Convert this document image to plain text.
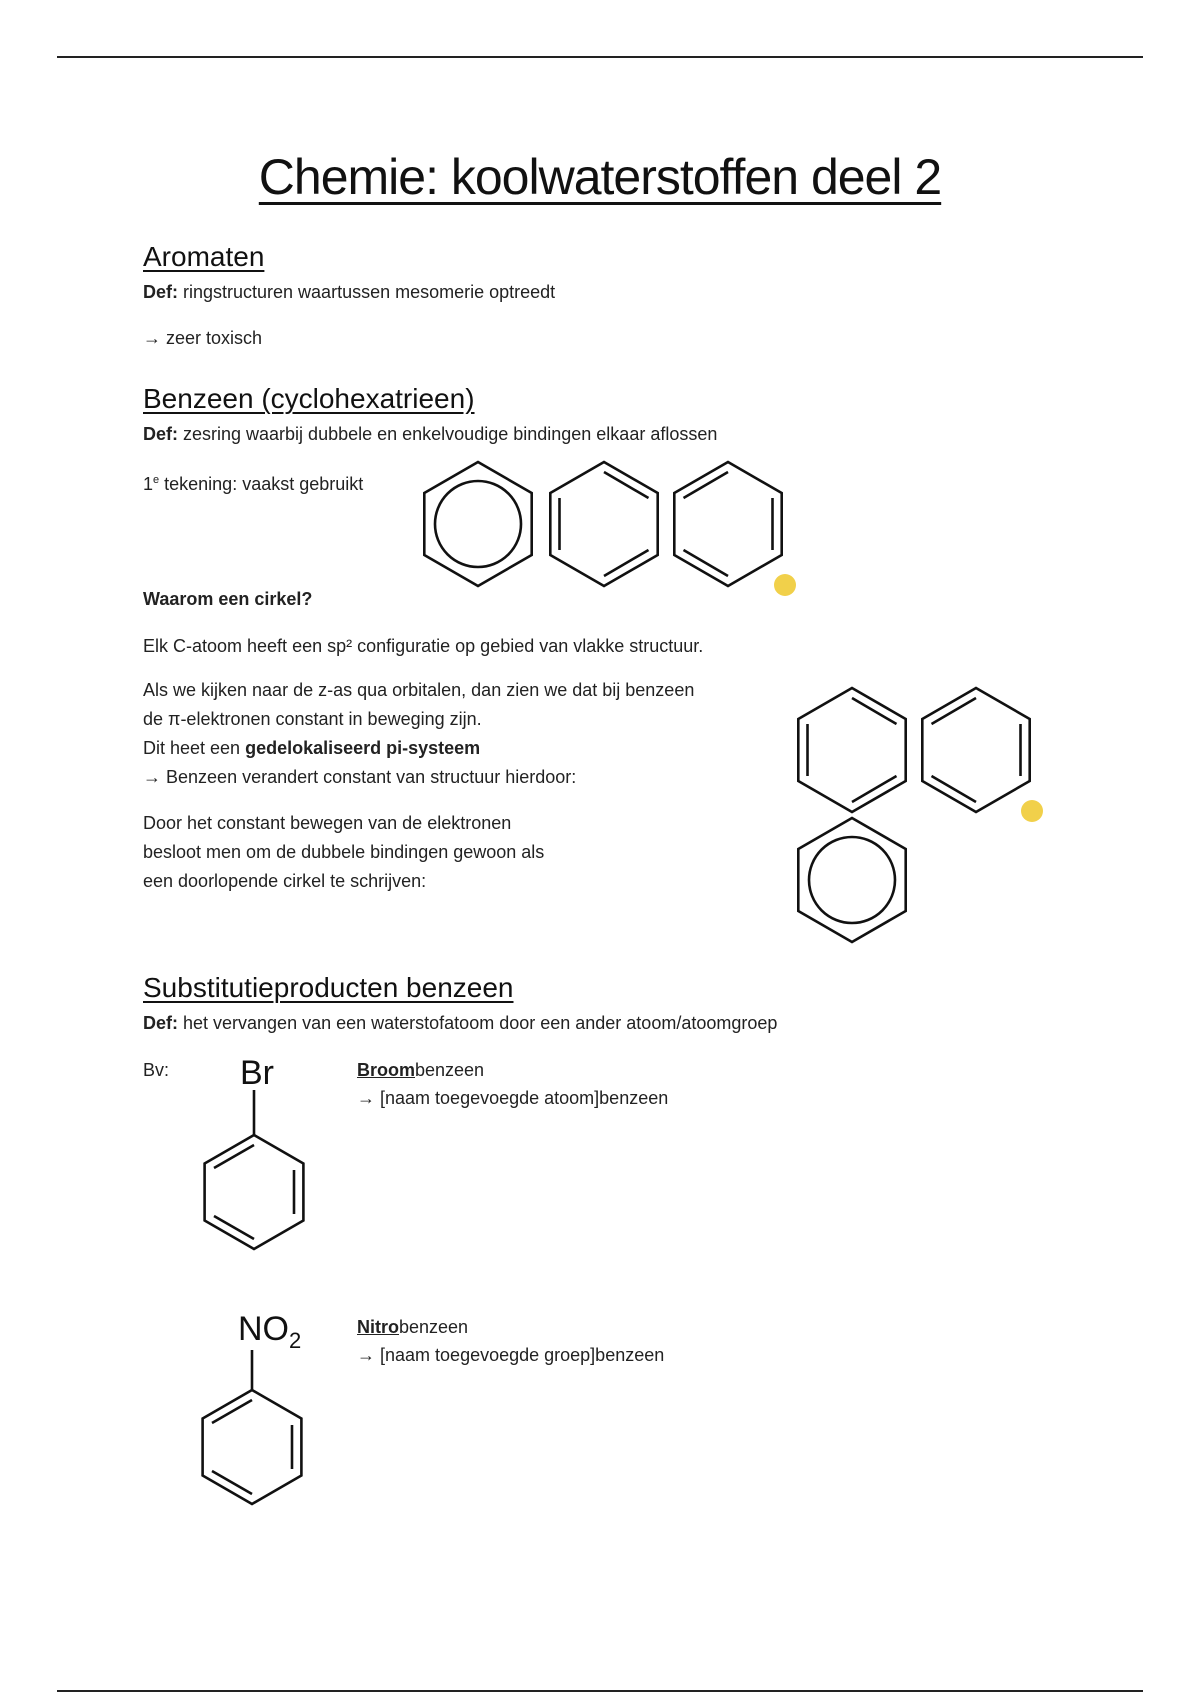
Chemie: koolwaterstoffen deel 2
Aromaten
Def: ringstructuren waartussen mesomerie optreedt
→ zeer toxisch
Benzeen (cyclohexatrieen)
Def: zesring waarbij dubbele en enkelvoudige bindingen elkaar aflossen
1e tekening: vaakst gebruikt
Waarom een cirkel?
Elk C-atoom heeft een sp² configuratie op gebied van vlakke structuur.
Als we kijken naar de z-as qua orbitalen, dan zien we dat bij benzeen
de π-elektronen constant in beweging zijn.
Dit heet een gedelokaliseerd pi-systeem
→ Benzeen verandert constant van structuur hierdoor:
Door het constant bewegen van de elektronen
besloot men om de dubbele bindingen gewoon als
een doorlopende cirkel te schrijven:
Substitutieproducten benzeen
Def: het vervangen van een waterstofatoom door een ander atoom/atoomgroep
Bv: Br	Broombenzeen
→ [naam toegevoegde atoom]benzeen
$NO_2$
Nitrobenzeen
→ [naam toegevoegde groep]benzeen
